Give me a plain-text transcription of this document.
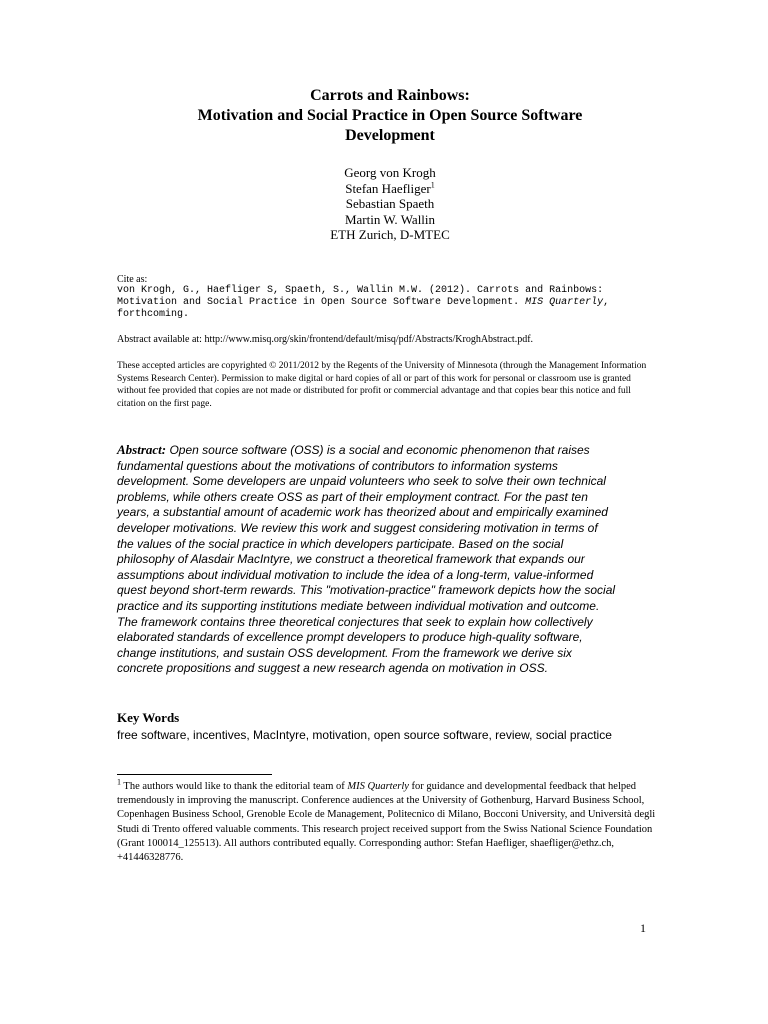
Carrots and Rainbows:
Motivation and Social Practice in Open Source Software
Development
Georg von Krogh
Stefan Haefliger$^1$
Sebastian Spaeth
Martin W. Wallin
ETH Zurich, D-MTEC
Cite as:
von Krogh, G., Haefliger S, Spaeth, S., Wallin M.W. (2012). Carrots and Rainbows: Motivation and Social Practice in Open Source Software Development. MIS Quarterly, forthcoming.
Abstract available at: http://www.misq.org/skin/frontend/default/misq/pdf/Abstracts/KroghAbstract.pdf.
These accepted articles are copyrighted © 2011/2012 by the Regents of the University of Minnesota (through the Management Information Systems Research Center). Permission to make digital or hard copies of all or part of this work for personal or classroom use is granted without fee provided that copies are not made or distributed for profit or commercial advantage and that copies bear this notice and full citation on the first page.
Abstract: Open source software (OSS) is a social and economic phenomenon that raises fundamental questions about the motivations of contributors to information systems development. Some developers are unpaid volunteers who seek to solve their own technical problems, while others create OSS as part of their employment contract. For the past ten years, a substantial amount of academic work has theorized about and empirically examined developer motivations. We review this work and suggest considering motivation in terms of the values of the social practice in which developers participate. Based on the social philosophy of Alasdair MacIntyre, we construct a theoretical framework that expands our assumptions about individual motivation to include the idea of a long-term, value-informed quest beyond short-term rewards. This "motivation-practice" framework depicts how the social practice and its supporting institutions mediate between individual motivation and outcome. The framework contains three theoretical conjectures that seek to explain how collectively elaborated standards of excellence prompt developers to produce high-quality software, change institutions, and sustain OSS development. From the framework we derive six concrete propositions and suggest a new research agenda on motivation in OSS.
Key Words
free software, incentives, MacIntyre, motivation, open source software, review, social practice
$^1$ The authors would like to thank the editorial team of MIS Quarterly for guidance and developmental feedback that helped tremendously in improving the manuscript. Conference audiences at the University of Gothenburg, Harvard Business School, Copenhagen Business School, Grenoble Ecole de Management, Politecnico di Milano, Bocconi University, and Università degli Studi di Trento offered valuable comments. This research project received support from the Swiss National Science Foundation (Grant 100014_125513). All authors contributed equally. Corresponding author: Stefan Haefliger, shaefliger@ethz.ch, +41446328776.
1
